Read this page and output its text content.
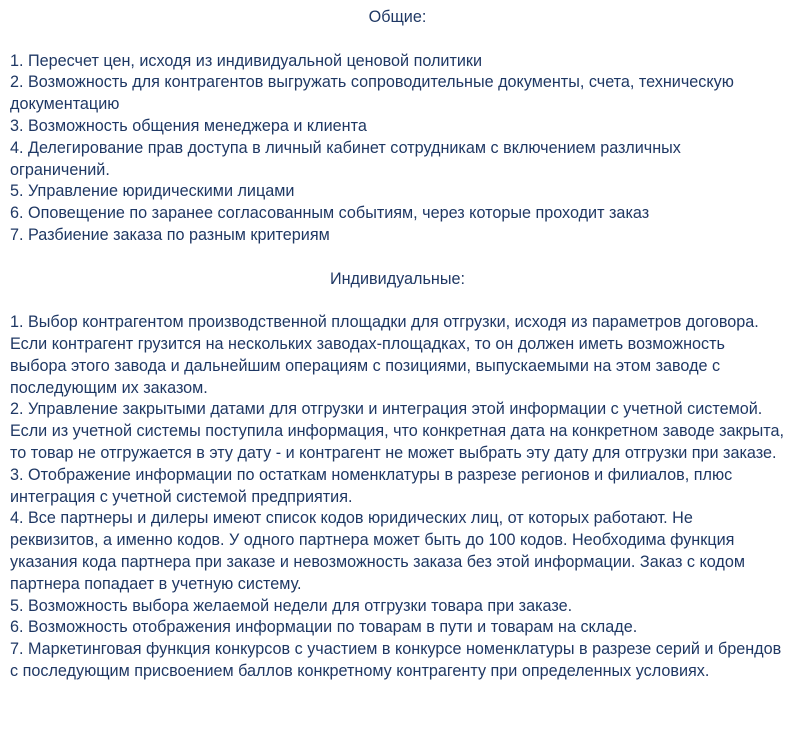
Общие:
1. Пересчет цен, исходя из индивидуальной ценовой политики
2. Возможность для контрагентов выгружать сопроводительные документы, счета, техническую документацию
3. Возможность общения менеджера и клиента
4. Делегирование прав доступа в личный кабинет сотрудникам с включением различных ограничений.
5. Управление юридическими лицами
6. Оповещение по заранее согласованным событиям, через которые проходит заказ
7. Разбиение заказа по разным критериям
Индивидуальные:
1. Выбор контрагентом производственной площадки для отгрузки, исходя из параметров договора. Если контрагент грузится на нескольких заводах-площадках, то он должен иметь возможность выбора этого завода и дальнейшим операциям с позициями, выпускаемыми на этом заводе с последующим их заказом.
2. Управление закрытыми датами для отгрузки и интеграция этой информации с учетной системой. Если из учетной системы поступила информация, что конкретная дата на конкретном заводе закрыта, то товар не отгружается в эту дату - и контрагент не может выбрать эту дату для отгрузки при заказе.
3. Отображение информации по остаткам номенклатуры в разрезе регионов и филиалов, плюс интеграция с учетной системой предприятия.
4. Все партнеры и дилеры имеют список кодов юридических лиц, от которых работают. Не реквизитов, а именно кодов. У одного партнера может быть до 100 кодов. Необходима функция указания кода партнера при заказе и невозможность заказа без этой информации. Заказ с кодом партнера попадает в учетную систему.
5. Возможность выбора желаемой недели для отгрузки товара при заказе.
6. Возможность отображения информации по товарам в пути и товарам на складе.
7. Маркетинговая функция конкурсов с участием в конкурсе номенклатуры в разрезе серий и брендов с последующим присвоением баллов конкретному контрагенту при определенных условиях.
